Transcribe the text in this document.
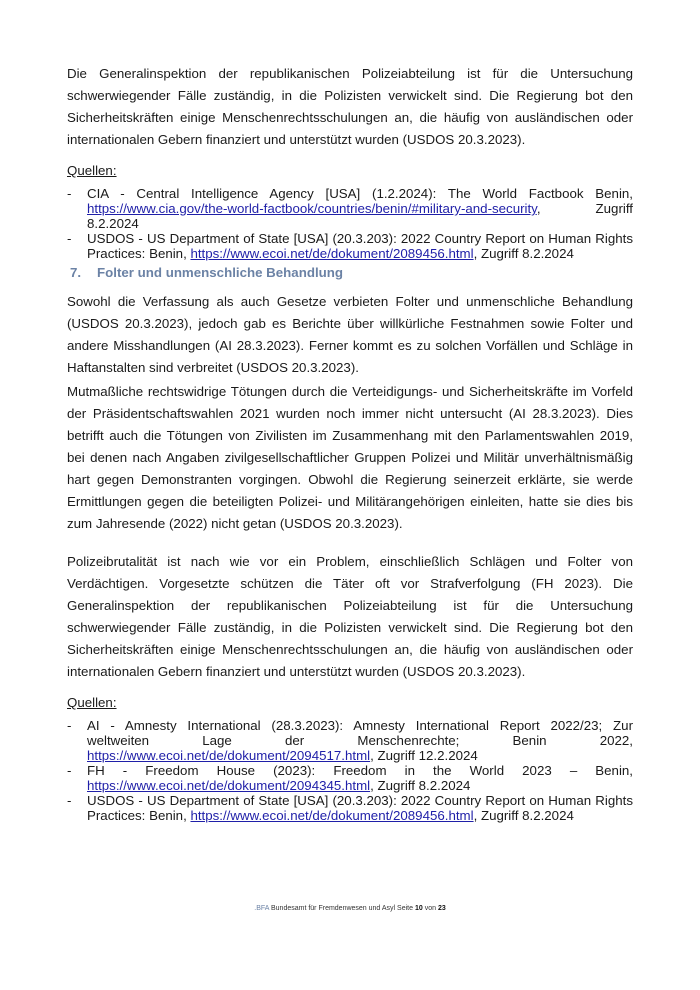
Die Generalinspektion der republikanischen Polizeiabteilung ist für die Untersuchung schwerwiegender Fälle zuständig, in die Polizisten verwickelt sind. Die Regierung bot den Sicherheitskräften einige Menschenrechtsschulungen an, die häufig von ausländischen oder internationalen Gebern finanziert und unterstützt wurden (USDOS 20.3.2023).

Quellen:

-	CIA - Central Intelligence Agency [USA] (1.2.2024): The World Factbook Benin, https://www.cia.gov/the-world-factbook/countries/benin/#military-and-security, Zugriff 8.2.2024
-	USDOS - US Department of State [USA] (20.3.203): 2022 Country Report on Human Rights Practices: Benin, https://www.ecoi.net/de/dokument/2089456.html, Zugriff 8.2.2024
7. Folter und unmenschliche Behandlung

Sowohl die Verfassung als auch Gesetze verbieten Folter und unmenschliche Behandlung (USDOS 20.3.2023), jedoch gab es Berichte über willkürliche Festnahmen sowie Folter und andere Misshandlungen (AI 28.3.2023). Ferner kommt es zu solchen Vorfällen und Schläge in Haftanstalten sind verbreitet (USDOS 20.3.2023).

Mutmaßliche rechtswidrige Tötungen durch die Verteidigungs- und Sicherheitskräfte im Vorfeld der Präsidentschaftswahlen 2021 wurden noch immer nicht untersucht (AI 28.3.2023). Dies betrifft auch die Tötungen von Zivilisten im Zusammenhang mit den Parlamentswahlen 2019, bei denen nach Angaben zivilgesellschaftlicher Gruppen Polizei und Militär unverhältnismäßig hart gegen Demonstranten vorgingen. Obwohl die Regierung seinerzeit erklärte, sie werde Ermittlungen gegen die beteiligten Polizei- und Militärangehörigen einleiten, hatte sie dies bis zum Jahresende (2022) nicht getan (USDOS 20.3.2023).

Polizeibrutalität ist nach wie vor ein Problem, einschließlich Schlägen und Folter von Verdächtigen. Vorgesetzte schützen die Täter oft vor Strafverfolgung (FH 2023). Die Generalinspektion der republikanischen Polizeiabteilung ist für die Untersuchung schwerwiegender Fälle zuständig, in die Polizisten verwickelt sind. Die Regierung bot den Sicherheitskräften einige Menschenrechtsschulungen an, die häufig von ausländischen oder internationalen Gebern finanziert und unterstützt wurden (USDOS 20.3.2023).

Quellen:

-	AI - Amnesty International (28.3.2023): Amnesty International Report 2022/23; Zur weltweiten Lage der Menschenrechte; Benin 2022, https://www.ecoi.net/de/dokument/2094517.html, Zugriff 12.2.2024
-	FH - Freedom House (2023): Freedom in the World 2023 – Benin, https://www.ecoi.net/de/dokument/2094345.html, Zugriff 8.2.2024
-	USDOS - US Department of State [USA] (20.3.203): 2022 Country Report on Human Rights Practices: Benin, https://www.ecoi.net/de/dokument/2089456.html, Zugriff 8.2.2024
.BFA Bundesamt für Fremdenwesen und Asyl Seite 10 von 23
